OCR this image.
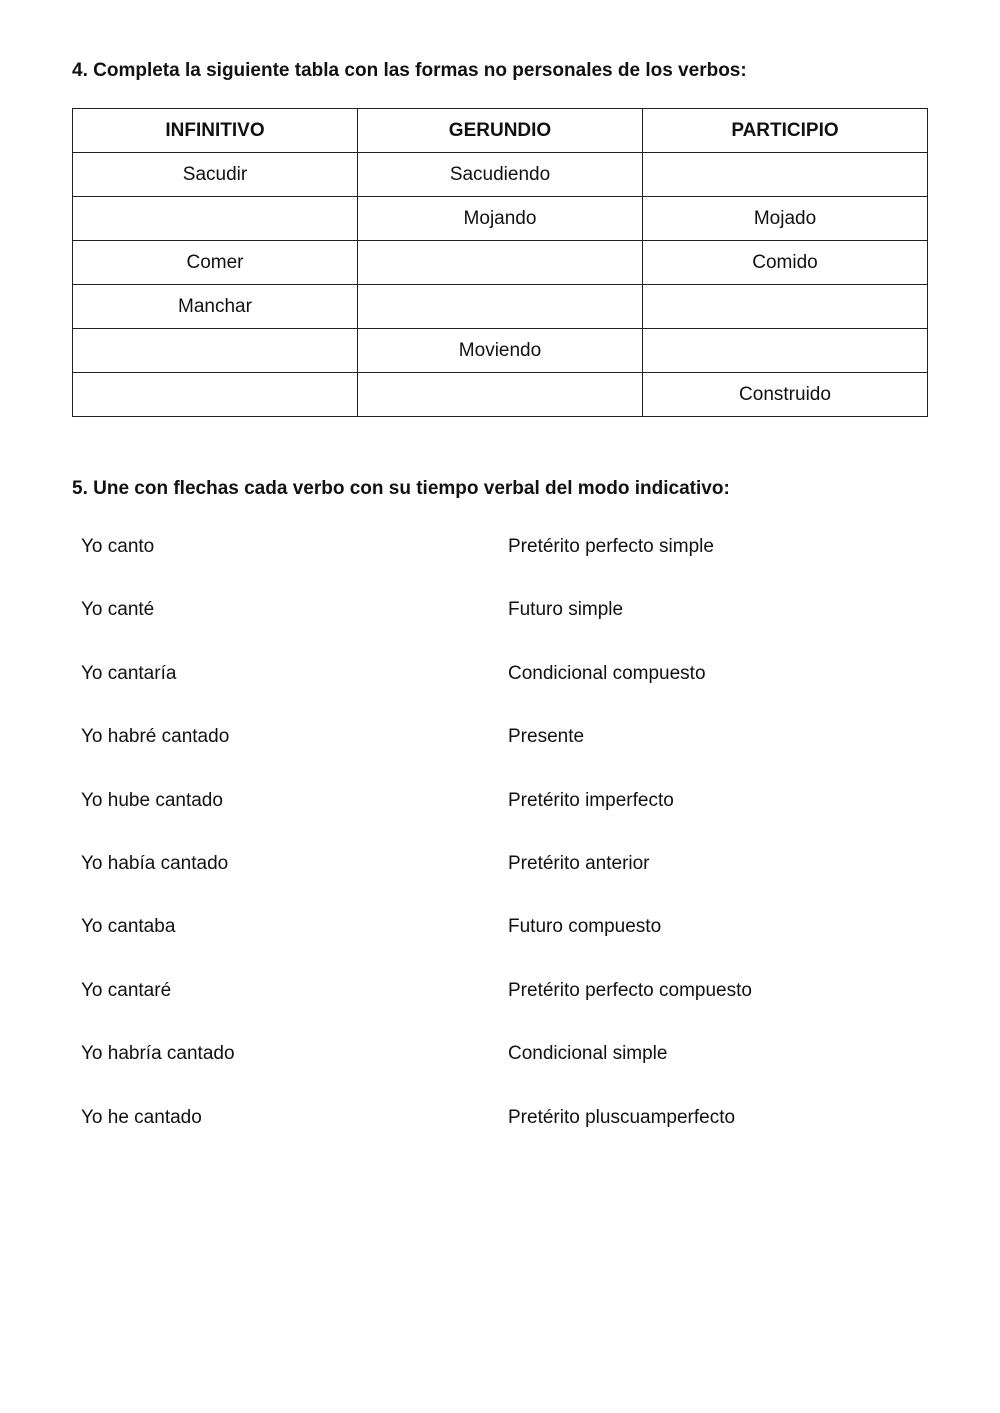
4. Completa la siguiente tabla con las formas no personales de los verbos:
INFINITIVO	GERUNDIO	PARTICIPIO
Sacudir	Sacudiendo	
	Mojando	Mojado
Comer		Comido
Manchar		
	Moviendo	
		Construido
5. Une con flechas cada verbo con su tiempo verbal del modo indicativo:
Yo canto	Pretérito perfecto simple
Yo canté	Futuro simple
Yo cantaría	Condicional compuesto
Yo habré cantado	Presente
Yo hube cantado	Pretérito imperfecto
Yo había cantado	Pretérito anterior
Yo cantaba	Futuro compuesto
Yo cantaré	Pretérito perfecto compuesto
Yo habría cantado	Condicional simple
Yo he cantado	Pretérito pluscuamperfecto
